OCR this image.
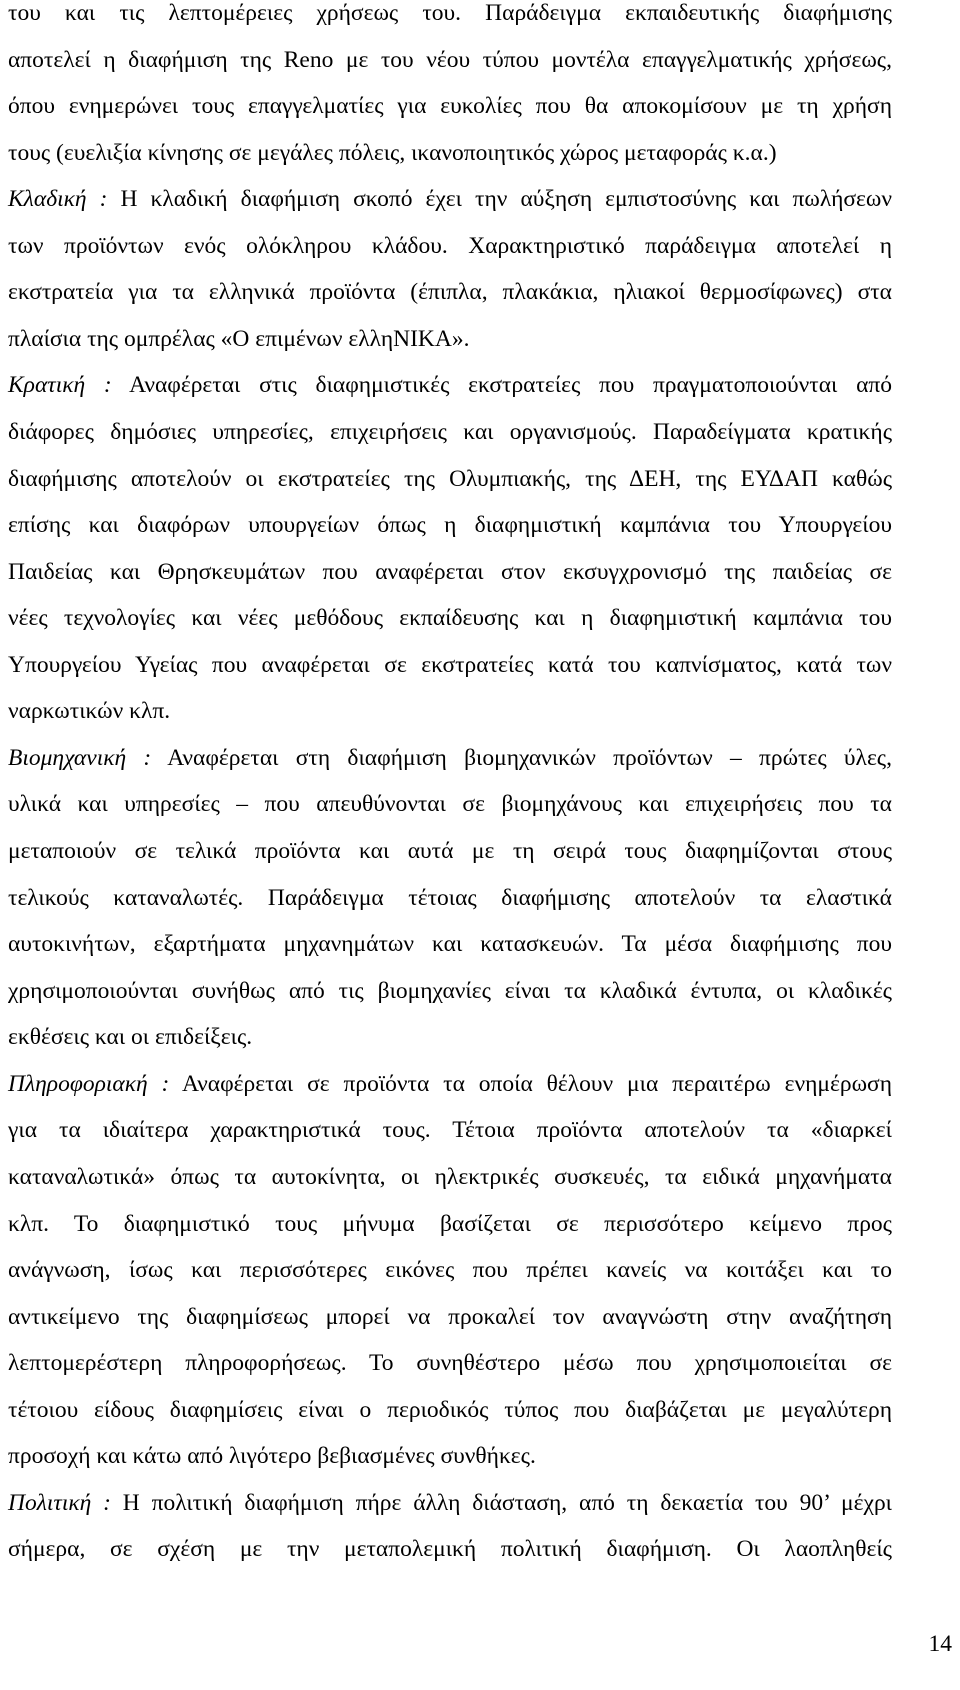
του και τις λεπτομέρειες χρήσεως του. Παράδειγμα εκπαιδευτικής διαφήμισης
αποτελεί η διαφήμιση της Reno με του νέου τύπου μοντέλα επαγγελματικής χρήσεως,
όπου ενημερώνει τους επαγγελματίες για ευκολίες που θα αποκομίσουν με τη χρήση
τους (ευελιξία κίνησης σε μεγάλες πόλεις, ικανοποιητικός χώρος μεταφοράς κ.α.)
Κλαδική : Η κλαδική διαφήμιση σκοπό έχει την αύξηση εμπιστοσύνης και πωλήσεων
των προϊόντων ενός ολόκληρου κλάδου. Χαρακτηριστικό παράδειγμα αποτελεί η
εκστρατεία για τα ελληνικά προϊόντα (έπιπλα, πλακάκια, ηλιακοί θερμοσίφωνες) στα
πλαίσια της ομπρέλας «Ο επιμένων ελληΝΙΚΑ».
Κρατική : Αναφέρεται στις διαφημιστικές εκστρατείες που πραγματοποιούνται από
διάφορες δημόσιες υπηρεσίες, επιχειρήσεις και οργανισμούς. Παραδείγματα κρατικής
διαφήμισης αποτελούν οι εκστρατείες της Ολυμπιακής, της ΔΕΗ, της ΕΥΔΑΠ καθώς
επίσης και διαφόρων υπουργείων όπως η διαφημιστική καμπάνια του Υπουργείου
Παιδείας και Θρησκευμάτων που αναφέρεται στον εκσυγχρονισμό της παιδείας σε
νέες τεχνολογίες και νέες μεθόδους εκπαίδευσης και η διαφημιστική καμπάνια του
Υπουργείου Υγείας που αναφέρεται σε εκστρατείες κατά του καπνίσματος, κατά των
ναρκωτικών κλπ.
Βιομηχανική : Αναφέρεται στη διαφήμιση βιομηχανικών προϊόντων – πρώτες ύλες,
υλικά και υπηρεσίες – που απευθύνονται σε βιομηχάνους και επιχειρήσεις που τα
μεταποιούν σε τελικά προϊόντα και αυτά με τη σειρά τους διαφημίζονται στους
τελικούς καταναλωτές. Παράδειγμα τέτοιας διαφήμισης αποτελούν τα ελαστικά
αυτοκινήτων, εξαρτήματα μηχανημάτων και κατασκευών. Τα μέσα διαφήμισης που
χρησιμοποιούνται συνήθως από τις βιομηχανίες είναι τα κλαδικά έντυπα, οι κλαδικές
εκθέσεις και οι επιδείξεις.
Πληροφοριακή : Αναφέρεται σε προϊόντα τα οποία θέλουν μια περαιτέρω ενημέρωση
για τα ιδιαίτερα χαρακτηριστικά τους. Τέτοια προϊόντα αποτελούν τα «διαρκεί
καταναλωτικά» όπως τα αυτοκίνητα, οι ηλεκτρικές συσκευές, τα ειδικά μηχανήματα
κλπ. Το διαφημιστικό τους μήνυμα βασίζεται σε περισσότερο κείμενο προς
ανάγνωση, ίσως και περισσότερες εικόνες που πρέπει κανείς να κοιτάξει και το
αντικείμενο της διαφημίσεως μπορεί να προκαλεί τον αναγνώστη στην αναζήτηση
λεπτομερέστερη πληροφορήσεως. Το συνηθέστερο μέσω που χρησιμοποιείται σε
τέτοιου είδους διαφημίσεις είναι ο περιοδικός τύπος που διαβάζεται με μεγαλύτερη
προσοχή και κάτω από λιγότερο βεβιασμένες συνθήκες.
Πολιτική : Η πολιτική διαφήμιση πήρε άλλη διάσταση, από τη δεκαετία του 90’ μέχρι
σήμερα, σε σχέση με την μεταπολεμική πολιτική διαφήμιση. Οι λαοπληθείς
14
